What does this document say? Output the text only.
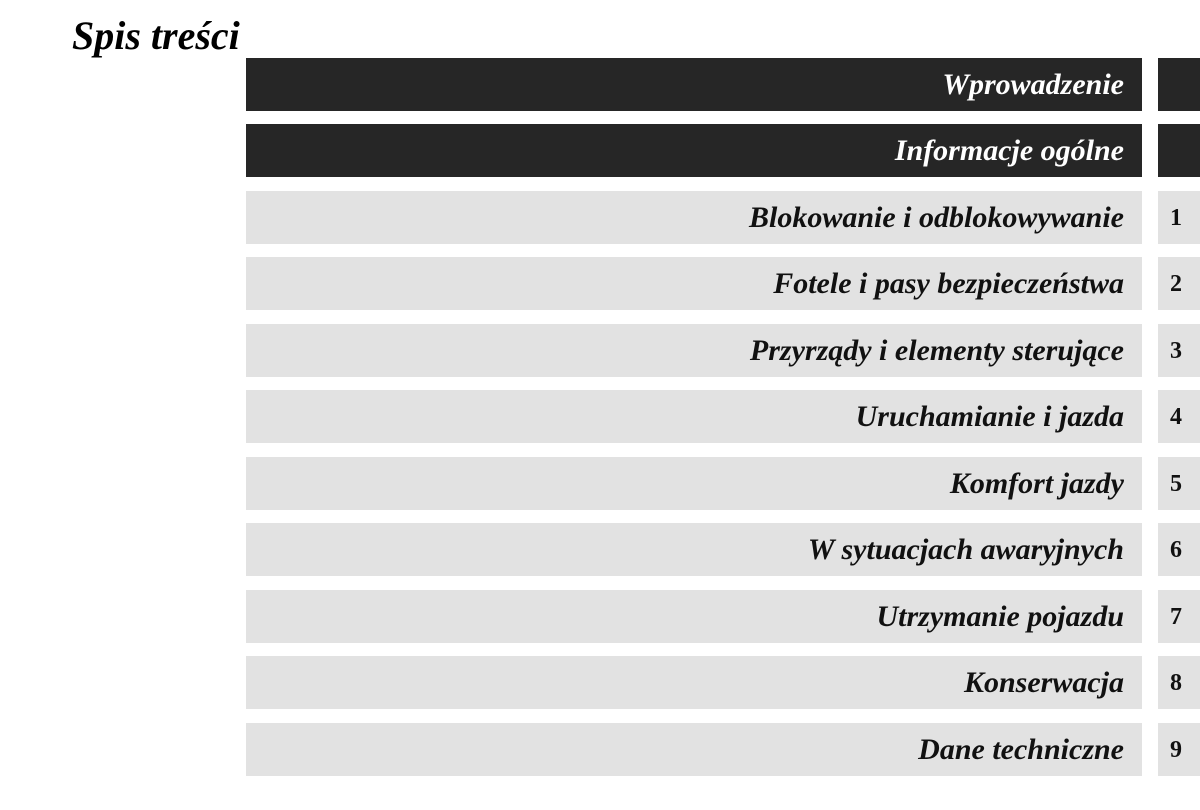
Spis treści
Wprowadzenie
Informacje ogólne
Blokowanie i odblokowywanie 1
Fotele i pasy bezpieczeństwa 2
Przyrządy i elementy sterujące 3
Uruchamianie i jazda 4
Komfort jazdy 5
W sytuacjach awaryjnych 6
Utrzymanie pojazdu 7
Konserwacja 8
Dane techniczne 9
